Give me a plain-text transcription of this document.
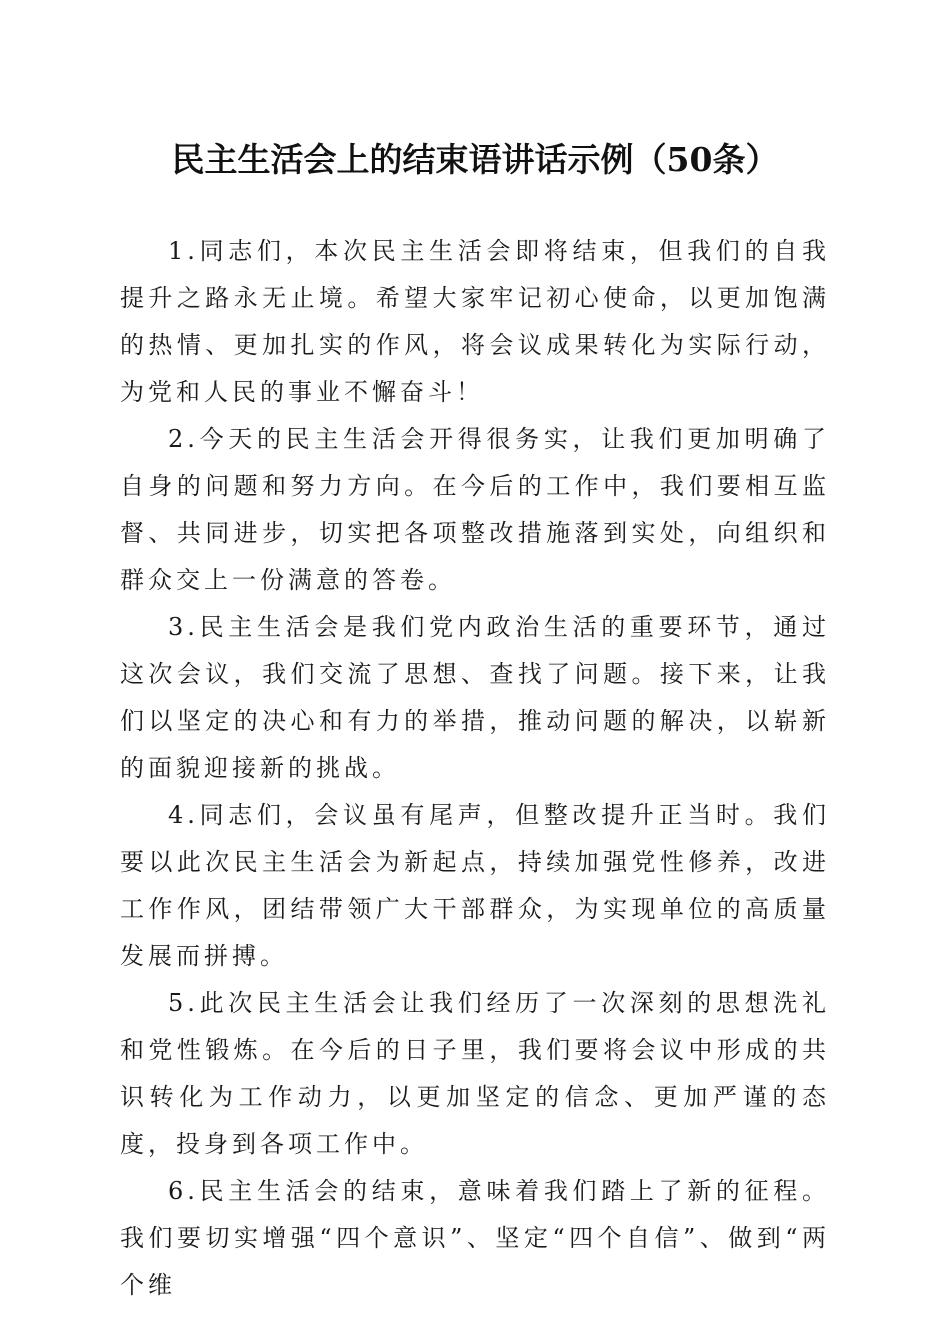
民主生活会上的结束语讲话示例（50条）

1.同志们，本次民主生活会即将结束，但我们的自我提升之路永无止境。希望大家牢记初心使命，以更加饱满的热情、更加扎实的作风，将会议成果转化为实际行动，为党和人民的事业不懈奋斗！

2.今天的民主生活会开得很务实，让我们更加明确了自身的问题和努力方向。在今后的工作中，我们要相互监督、共同进步，切实把各项整改措施落到实处，向组织和群众交上一份满意的答卷。

3.民主生活会是我们党内政治生活的重要环节，通过这次会议，我们交流了思想、查找了问题。接下来，让我们以坚定的决心和有力的举措，推动问题的解决，以崭新的面貌迎接新的挑战。

4.同志们，会议虽有尾声，但整改提升正当时。我们要以此次民主生活会为新起点，持续加强党性修养，改进工作作风，团结带领广大干部群众，为实现单位的高质量发展而拼搏。

5.此次民主生活会让我们经历了一次深刻的思想洗礼和党性锻炼。在今后的日子里，我们要将会议中形成的共识转化为工作动力，以更加坚定的信念、更加严谨的态度，投身到各项工作中。

6.民主生活会的结束，意味着我们踏上了新的征程。我们要切实增强“四个意识”、坚定“四个自信”、做到“两个维
